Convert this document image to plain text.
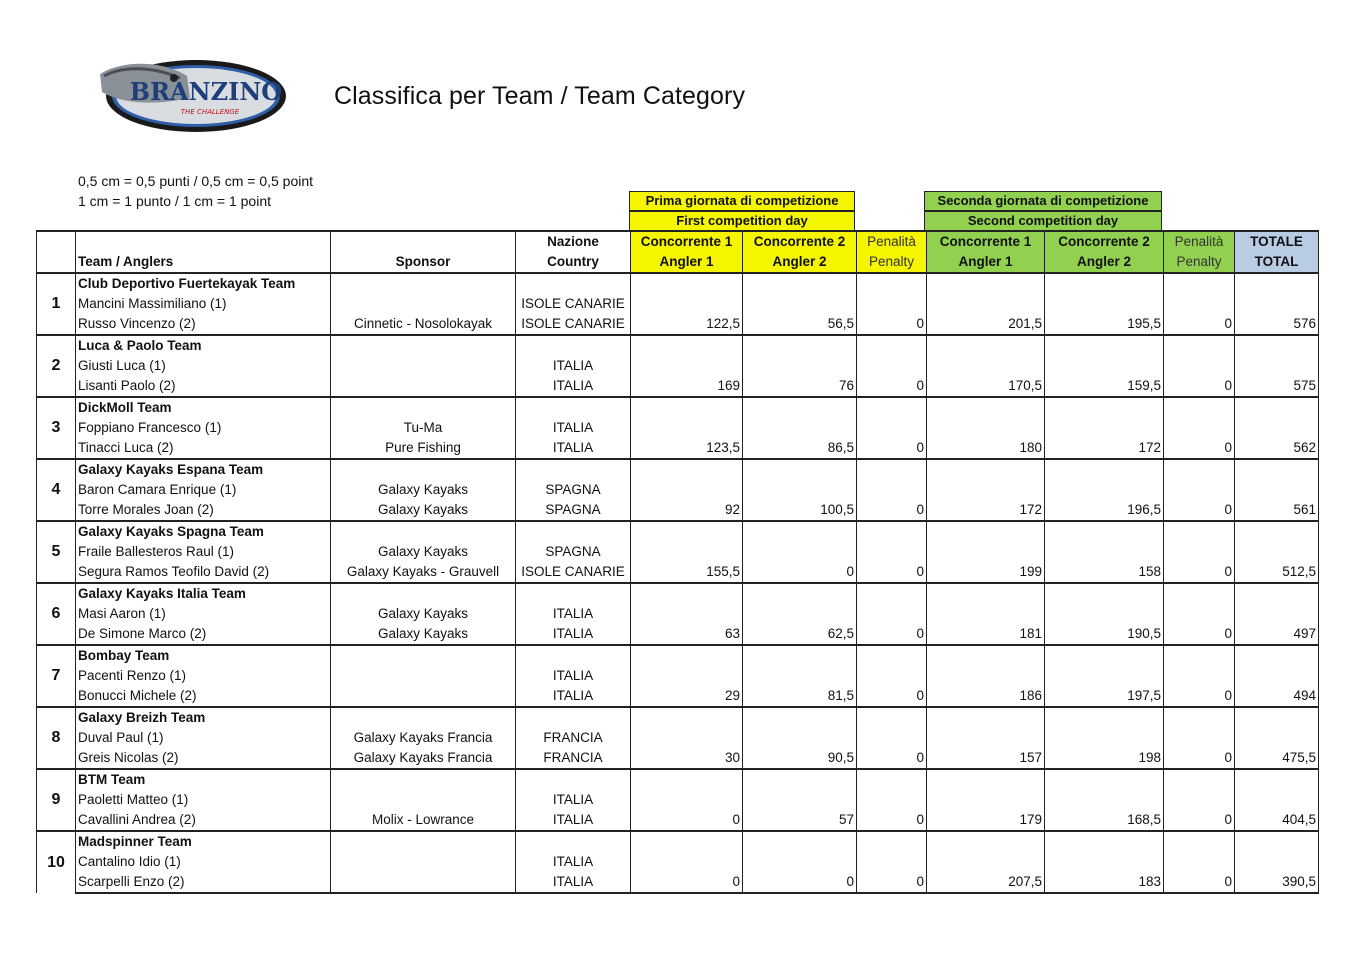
BRANZINO
THE CHALLENGE
Classifica per Team / Team Category
0,5 cm = 0,5 punti / 0,5 cm = 0,5 point
1 cm = 1 punto / 1 cm = 1 point	Prima giornata di competizione
First competition day
Seconda giornata di competizione
Second competition day
			Nazione	Concorrente 1	Concorrente 2	Penalità	Concorrente 1	Concorrente 2	Penalità	TOTALE
	Team / Anglers	Sponsor	Country	Angler 1	Angler 2	Penalty	Angler 1	Angler 2	Penalty	TOTAL
1	Club Deportivo Fuertekayak Team									
	Mancini Massimiliano (1)		ISOLE CANARIE							
	Russo Vincenzo (2)	Cinnetic - Nosolokayak	ISOLE CANARIE	122,5	56,5	0	201,5	195,5	0	576
2	Luca & Paolo Team									
	Giusti Luca (1)		ITALIA							
	Lisanti Paolo (2)		ITALIA	169	76	0	170,5	159,5	0	575
3	DickMoll Team									
	Foppiano Francesco (1)	Tu-Ma	ITALIA							
	Tinacci Luca (2)	Pure Fishing	ITALIA	123,5	86,5	0	180	172	0	562
4	Galaxy Kayaks Espana Team									
	Baron Camara Enrique (1)	Galaxy Kayaks	SPAGNA							
	Torre Morales Joan (2)	Galaxy Kayaks	SPAGNA	92	100,5	0	172	196,5	0	561
5	Galaxy Kayaks Spagna Team									
	Fraile Ballesteros Raul (1)	Galaxy Kayaks	SPAGNA							
	Segura Ramos Teofilo David (2)	Galaxy Kayaks - Grauvell	ISOLE CANARIE	155,5	0	0	199	158	0	512,5
6	Galaxy Kayaks Italia Team									
	Masi Aaron (1)	Galaxy Kayaks	ITALIA							
	De Simone Marco (2)	Galaxy Kayaks	ITALIA	63	62,5	0	181	190,5	0	497
7	Bombay Team									
	Pacenti Renzo (1)		ITALIA							
	Bonucci Michele (2)		ITALIA	29	81,5	0	186	197,5	0	494
8	Galaxy Breizh Team									
	Duval Paul (1)	Galaxy Kayaks Francia	FRANCIA							
	Greis Nicolas (2)	Galaxy Kayaks Francia	FRANCIA	30	90,5	0	157	198	0	475,5
9	BTM Team									
	Paoletti Matteo (1)		ITALIA							
	Cavallini Andrea (2)	Molix - Lowrance	ITALIA	0	57	0	179	168,5	0	404,5
10	Madspinner Team									
	Cantalino Idio (1)		ITALIA							
	Scarpelli Enzo (2)		ITALIA	0	0	0	207,5	183	0	390,5
